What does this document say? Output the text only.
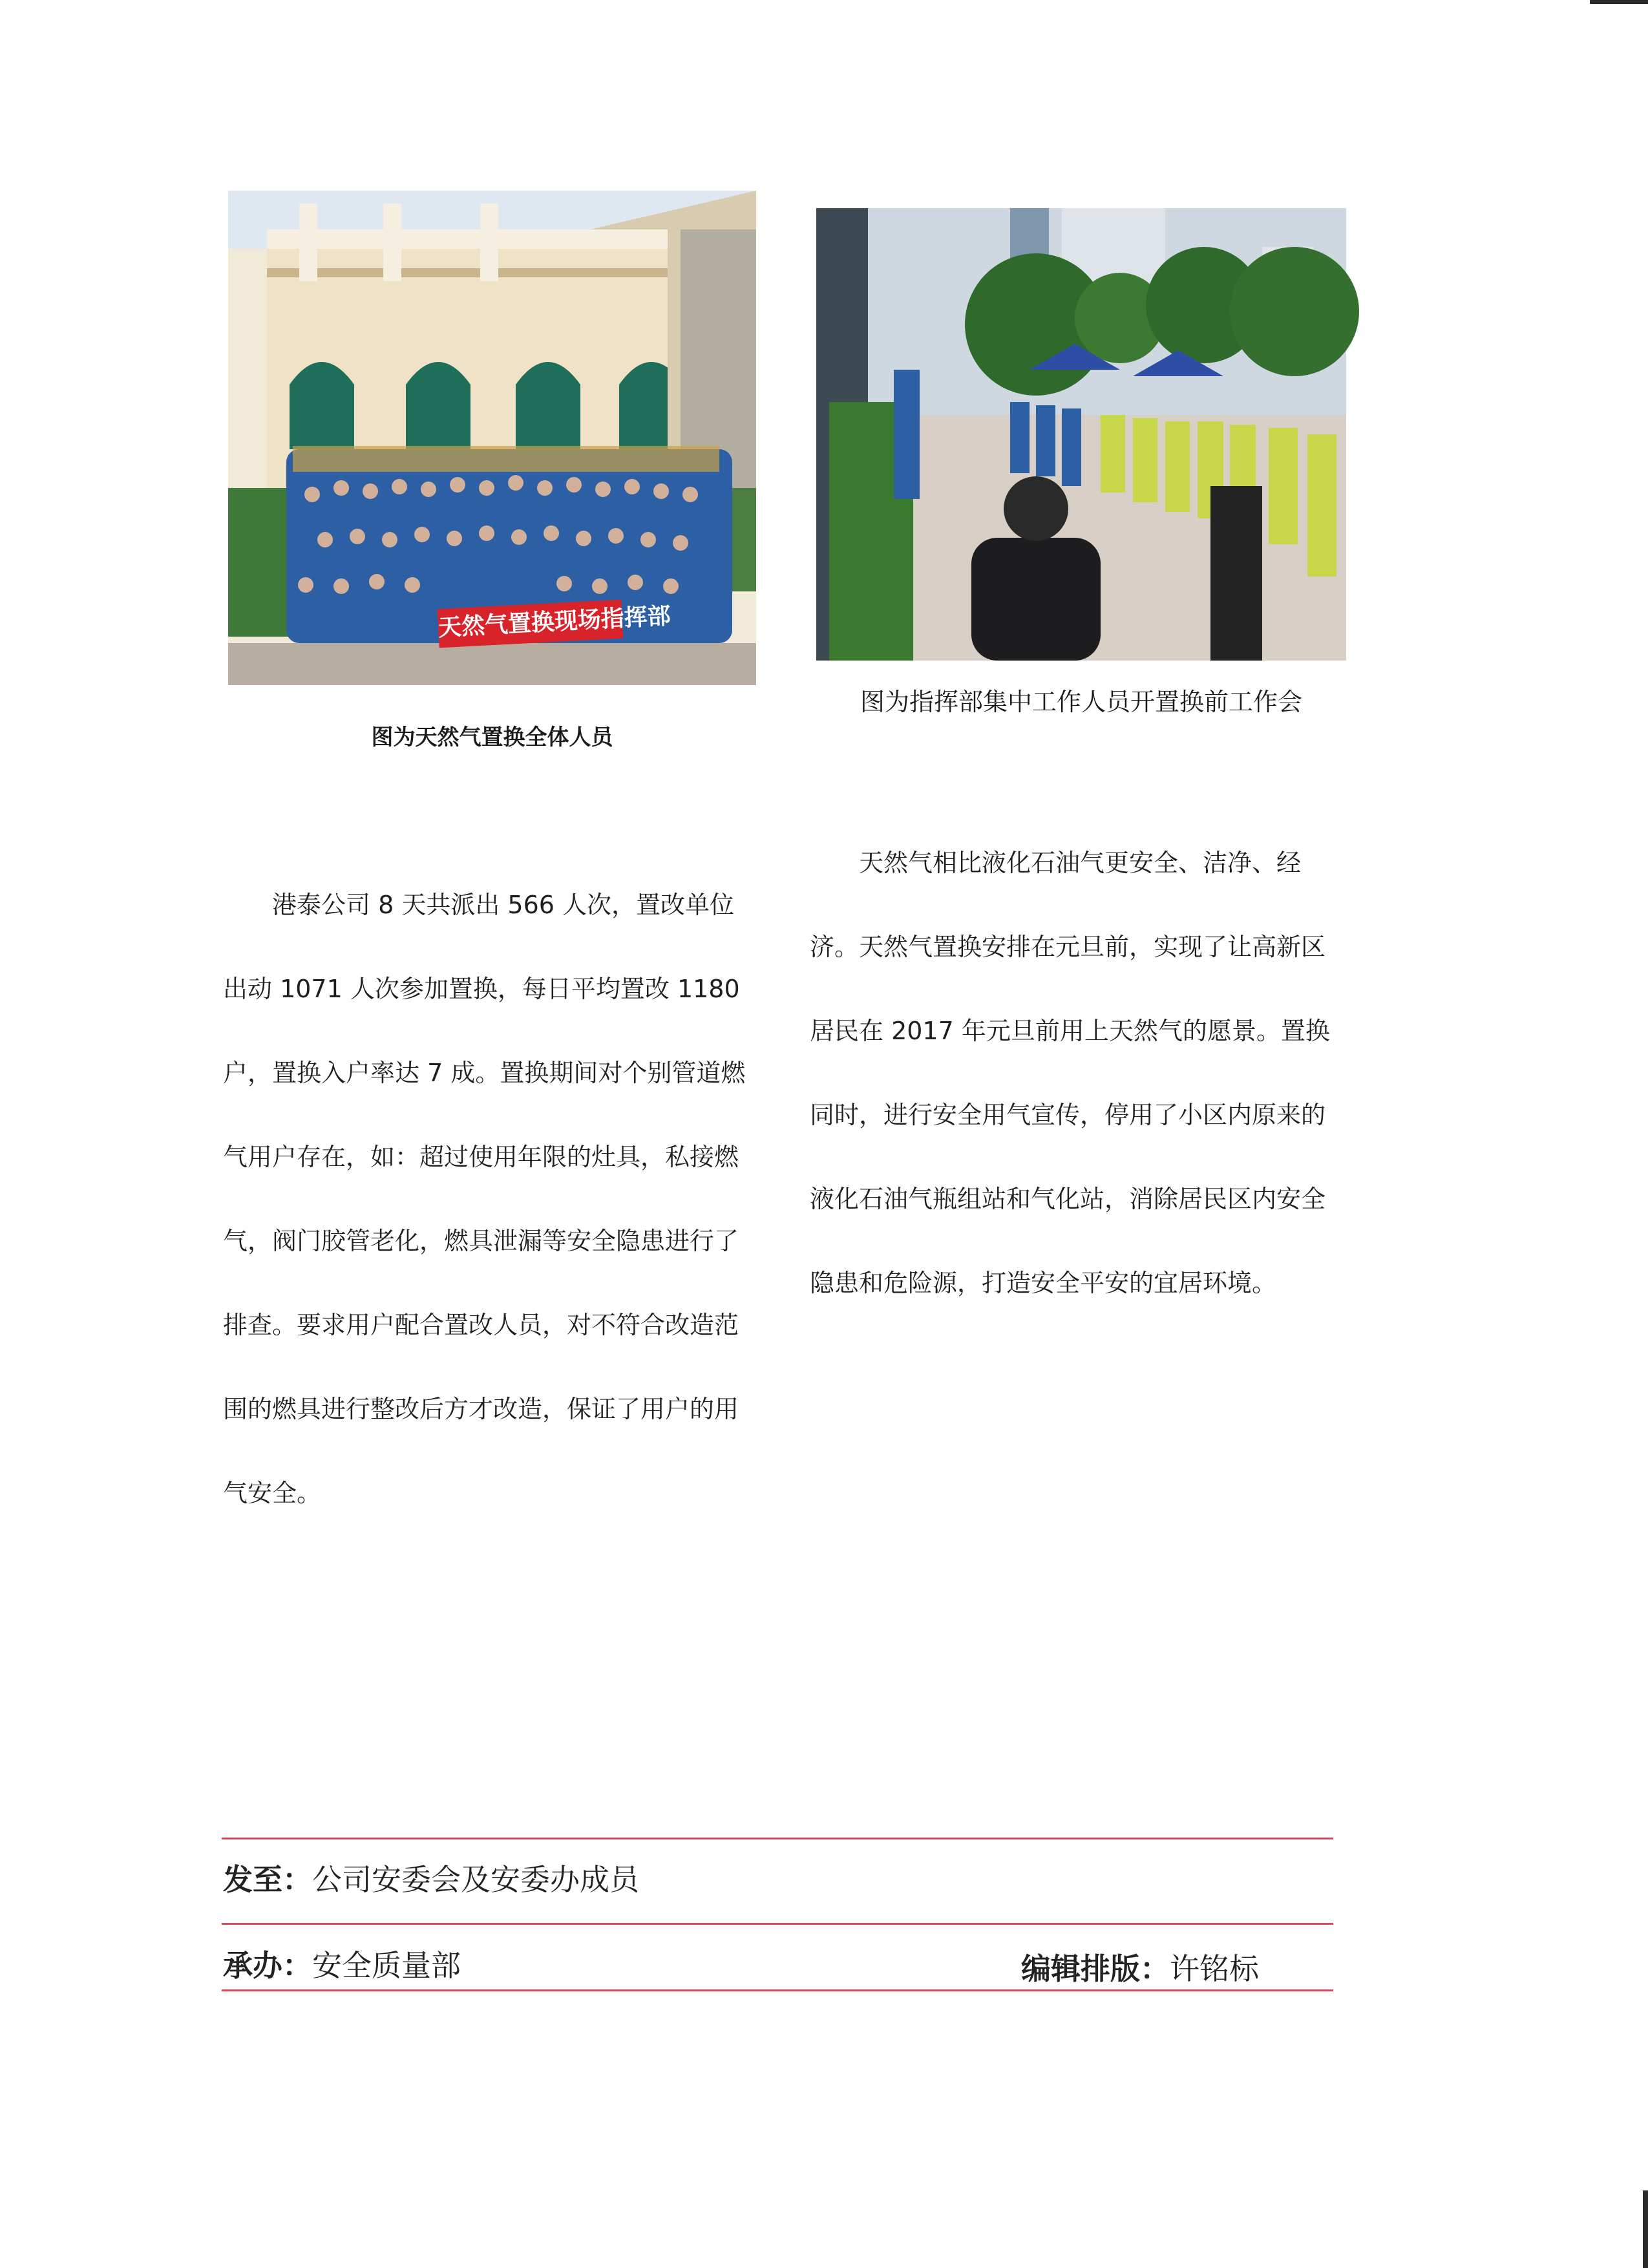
天然气置换现场指挥部
图为天然气置换全体人员
图为指挥部集中工作人员开置换前工作会

港泰公司 8 天共派出 566 人次，置改单位出动 1071 人次参加置换，每日平均置改 1180 户，置换入户率达 7 成。置换期间对个别管道燃气用户存在，如：超过使用年限的灶具，私接燃气，阀门胶管老化，燃具泄漏等安全隐患进行了排查。要求用户配合置改人员，对不符合改造范围的燃具进行整改后方才改造，保证了用户的用气安全。

天然气相比液化石油气更安全、洁净、经济。天然气置换安排在元旦前，实现了让高新区居民在 2017 年元旦前用上天然气的愿景。置换同时，进行安全用气宣传，停用了小区内原来的液化石油气瓶组站和气化站，消除居民区内安全隐患和危险源，打造安全平安的宜居环境。

发至：公司安委会及安委办成员
承办：安全质量部	编辑排版：许铭标
